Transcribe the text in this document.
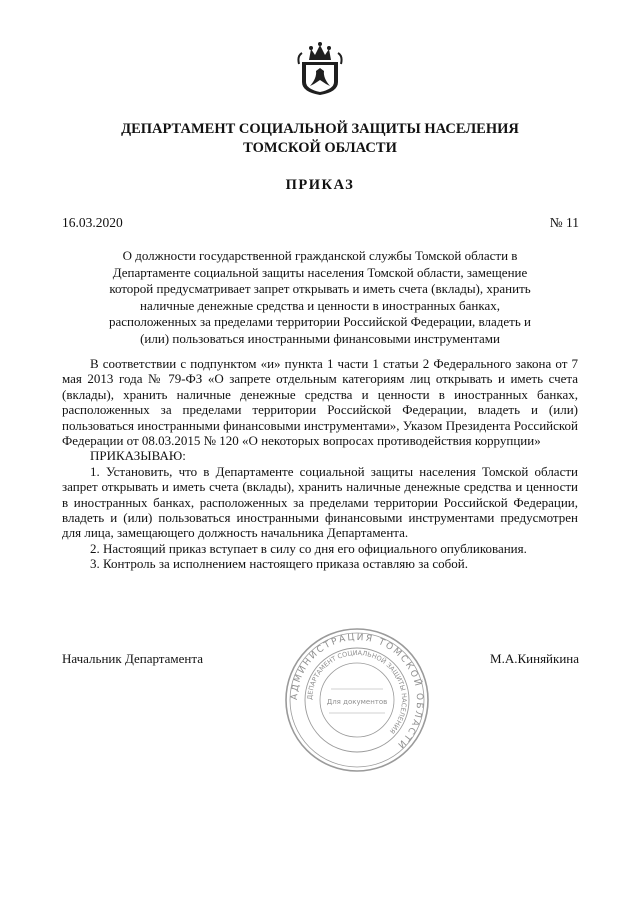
ДЕПАРТАМЕНТ СОЦИАЛЬНОЙ ЗАЩИТЫ НАСЕЛЕНИЯ
ТОМСКОЙ ОБЛАСТИ
ПРИКАЗ
16.03.2020	№ 11
О должности государственной гражданской службы Томской области в
Департаменте социальной защиты населения Томской области, замещение
которой предусматривает запрет открывать и иметь счета (вклады), хранить
наличные денежные средства и ценности в иностранных банках,
расположенных за пределами территории Российской Федерации, владеть и
(или) пользоваться иностранными финансовыми инструментами

В соответствии с подпунктом «и» пункта 1 части 1 статьи 2 Федерального закона от 7 мая 2013 года № 79-ФЗ «О запрете отдельным категориям лиц открывать и иметь счета (вклады), хранить наличные денежные средства и ценности в иностранных банках, расположенных за пределами территории Российской Федерации, владеть и (или) пользоваться иностранными финансовыми инструментами», Указом Президента Российской Федерации от 08.03.2015 № 120 «О некоторых вопросах противодействия коррупции»

ПРИКАЗЫВАЮ:

1. Установить, что в Департаменте социальной защиты населения Томской области запрет открывать и иметь счета (вклады), хранить наличные денежные средства и ценности в иностранных банках, расположенных за пределами территории Российской Федерации, владеть и (или) пользоваться иностранными финансовыми инструментами предусмотрен для лица, замещающего должность начальника Департамента.

2. Настоящий приказ вступает в силу со дня его официального опубликования.

3. Контроль за исполнением настоящего приказа оставляю за собой.

Начальник Департамента	М.А.Киняйкина
АДМИНИСТРАЦИЯ ТОМСКОЙ ОБЛАСТИ
ДЕПАРТАМЕНТ СОЦИАЛЬНОЙ ЗАЩИТЫ НАСЕЛЕНИЯ
Для документов
